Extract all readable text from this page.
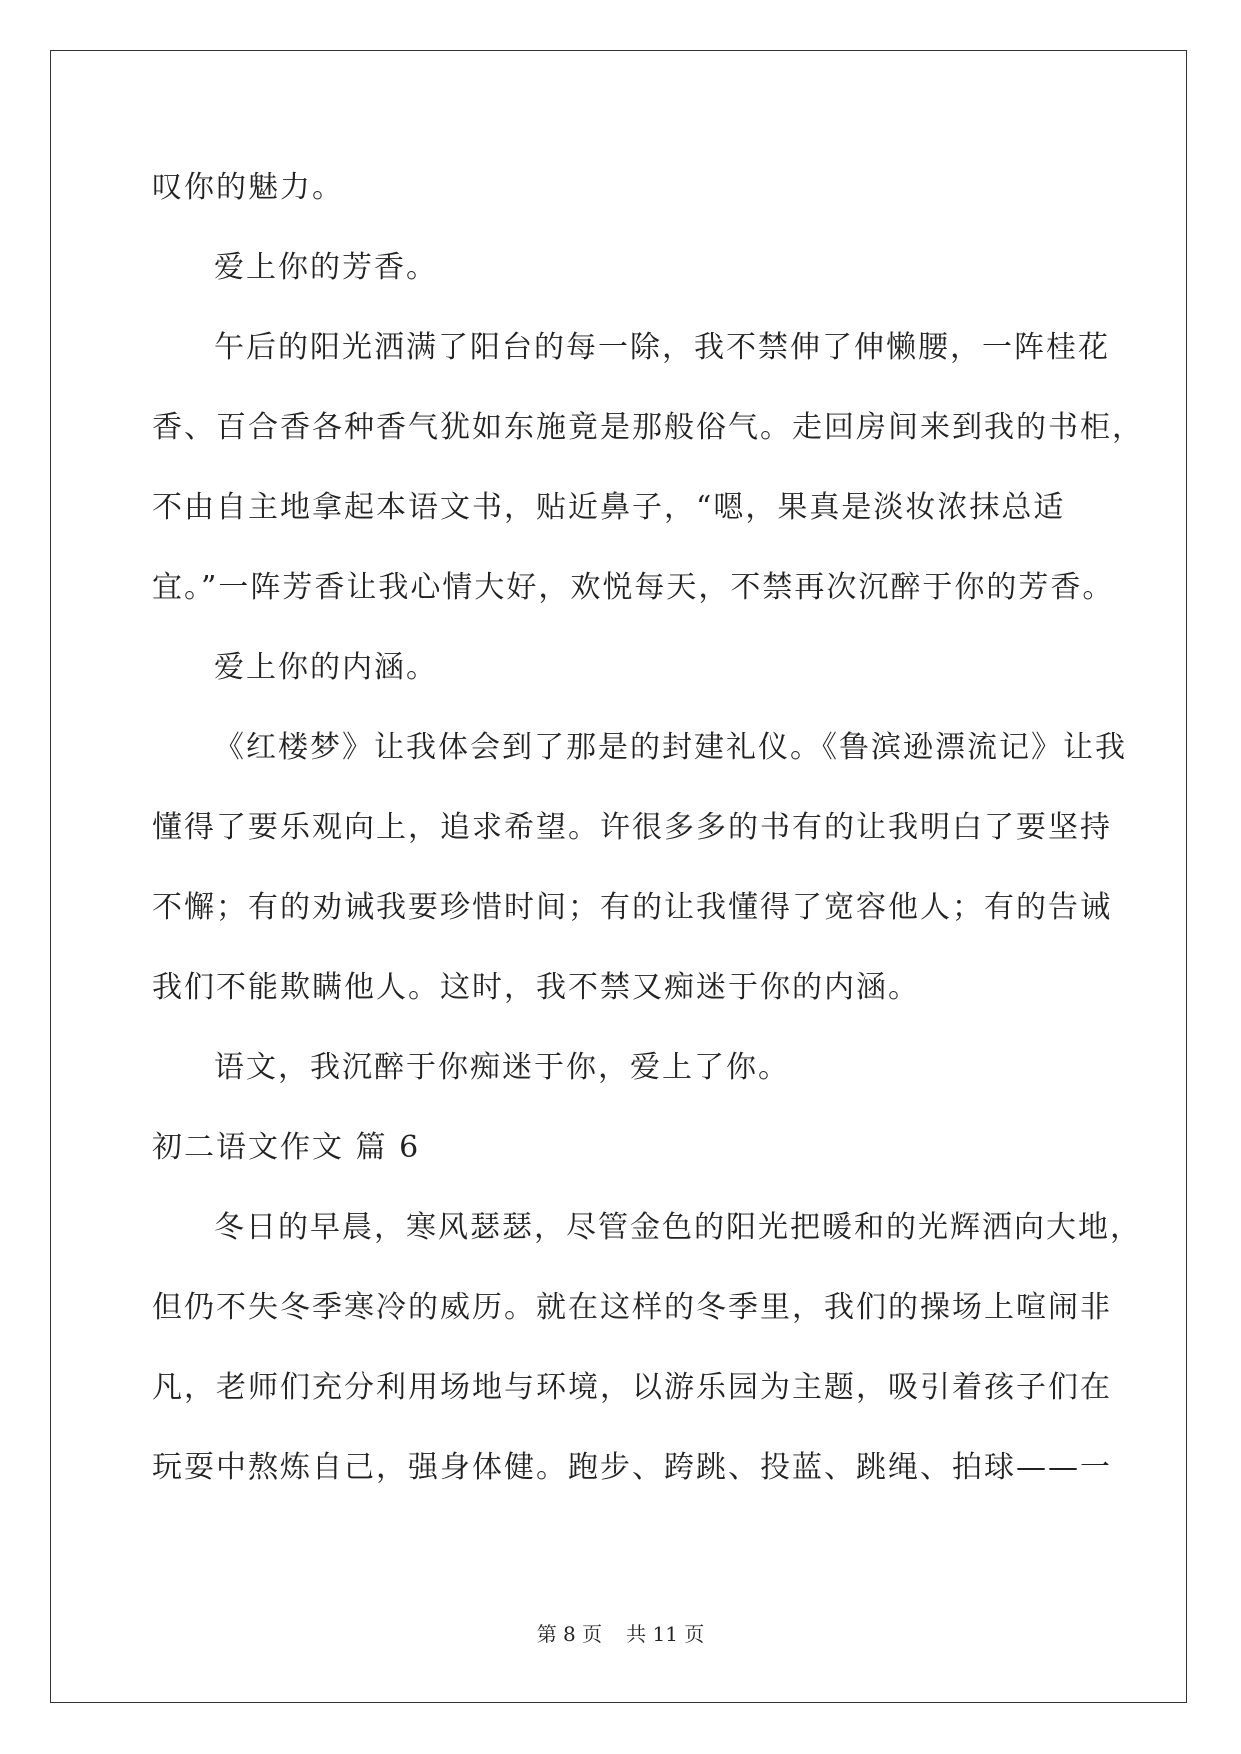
叹你的魅力。
爱上你的芳香。
午后的阳光洒满了阳台的每一除，我不禁伸了伸懒腰，一阵桂花
香、百合香各种香气犹如东施竟是那般俗气。走回房间来到我的书柜，
不由自主地拿起本语文书，贴近鼻子，“嗯，果真是淡妆浓抹总适
宜。”一阵芳香让我心情大好，欢悦每天，不禁再次沉醉于你的芳香。
爱上你的内涵。
《红楼梦》让我体会到了那是的封建礼仪。《鲁滨逊漂流记》让我
懂得了要乐观向上，追求希望。许很多多的书有的让我明白了要坚持
不懈；有的劝诫我要珍惜时间；有的让我懂得了宽容他人；有的告诫
我们不能欺瞒他人。这时，我不禁又痴迷于你的内涵。
语文，我沉醉于你痴迷于你，爱上了你。
初二语文作文 篇 6
冬日的早晨，寒风瑟瑟，尽管金色的阳光把暖和的光辉洒向大地，
但仍不失冬季寒冷的威历。就在这样的冬季里，我们的操场上喧闹非
凡，老师们充分利用场地与环境，以游乐园为主题，吸引着孩子们在
玩耍中熬炼自己，强身体健。跑步、跨跳、投蓝、跳绳、拍球——一
第 8 页 共 11 页
